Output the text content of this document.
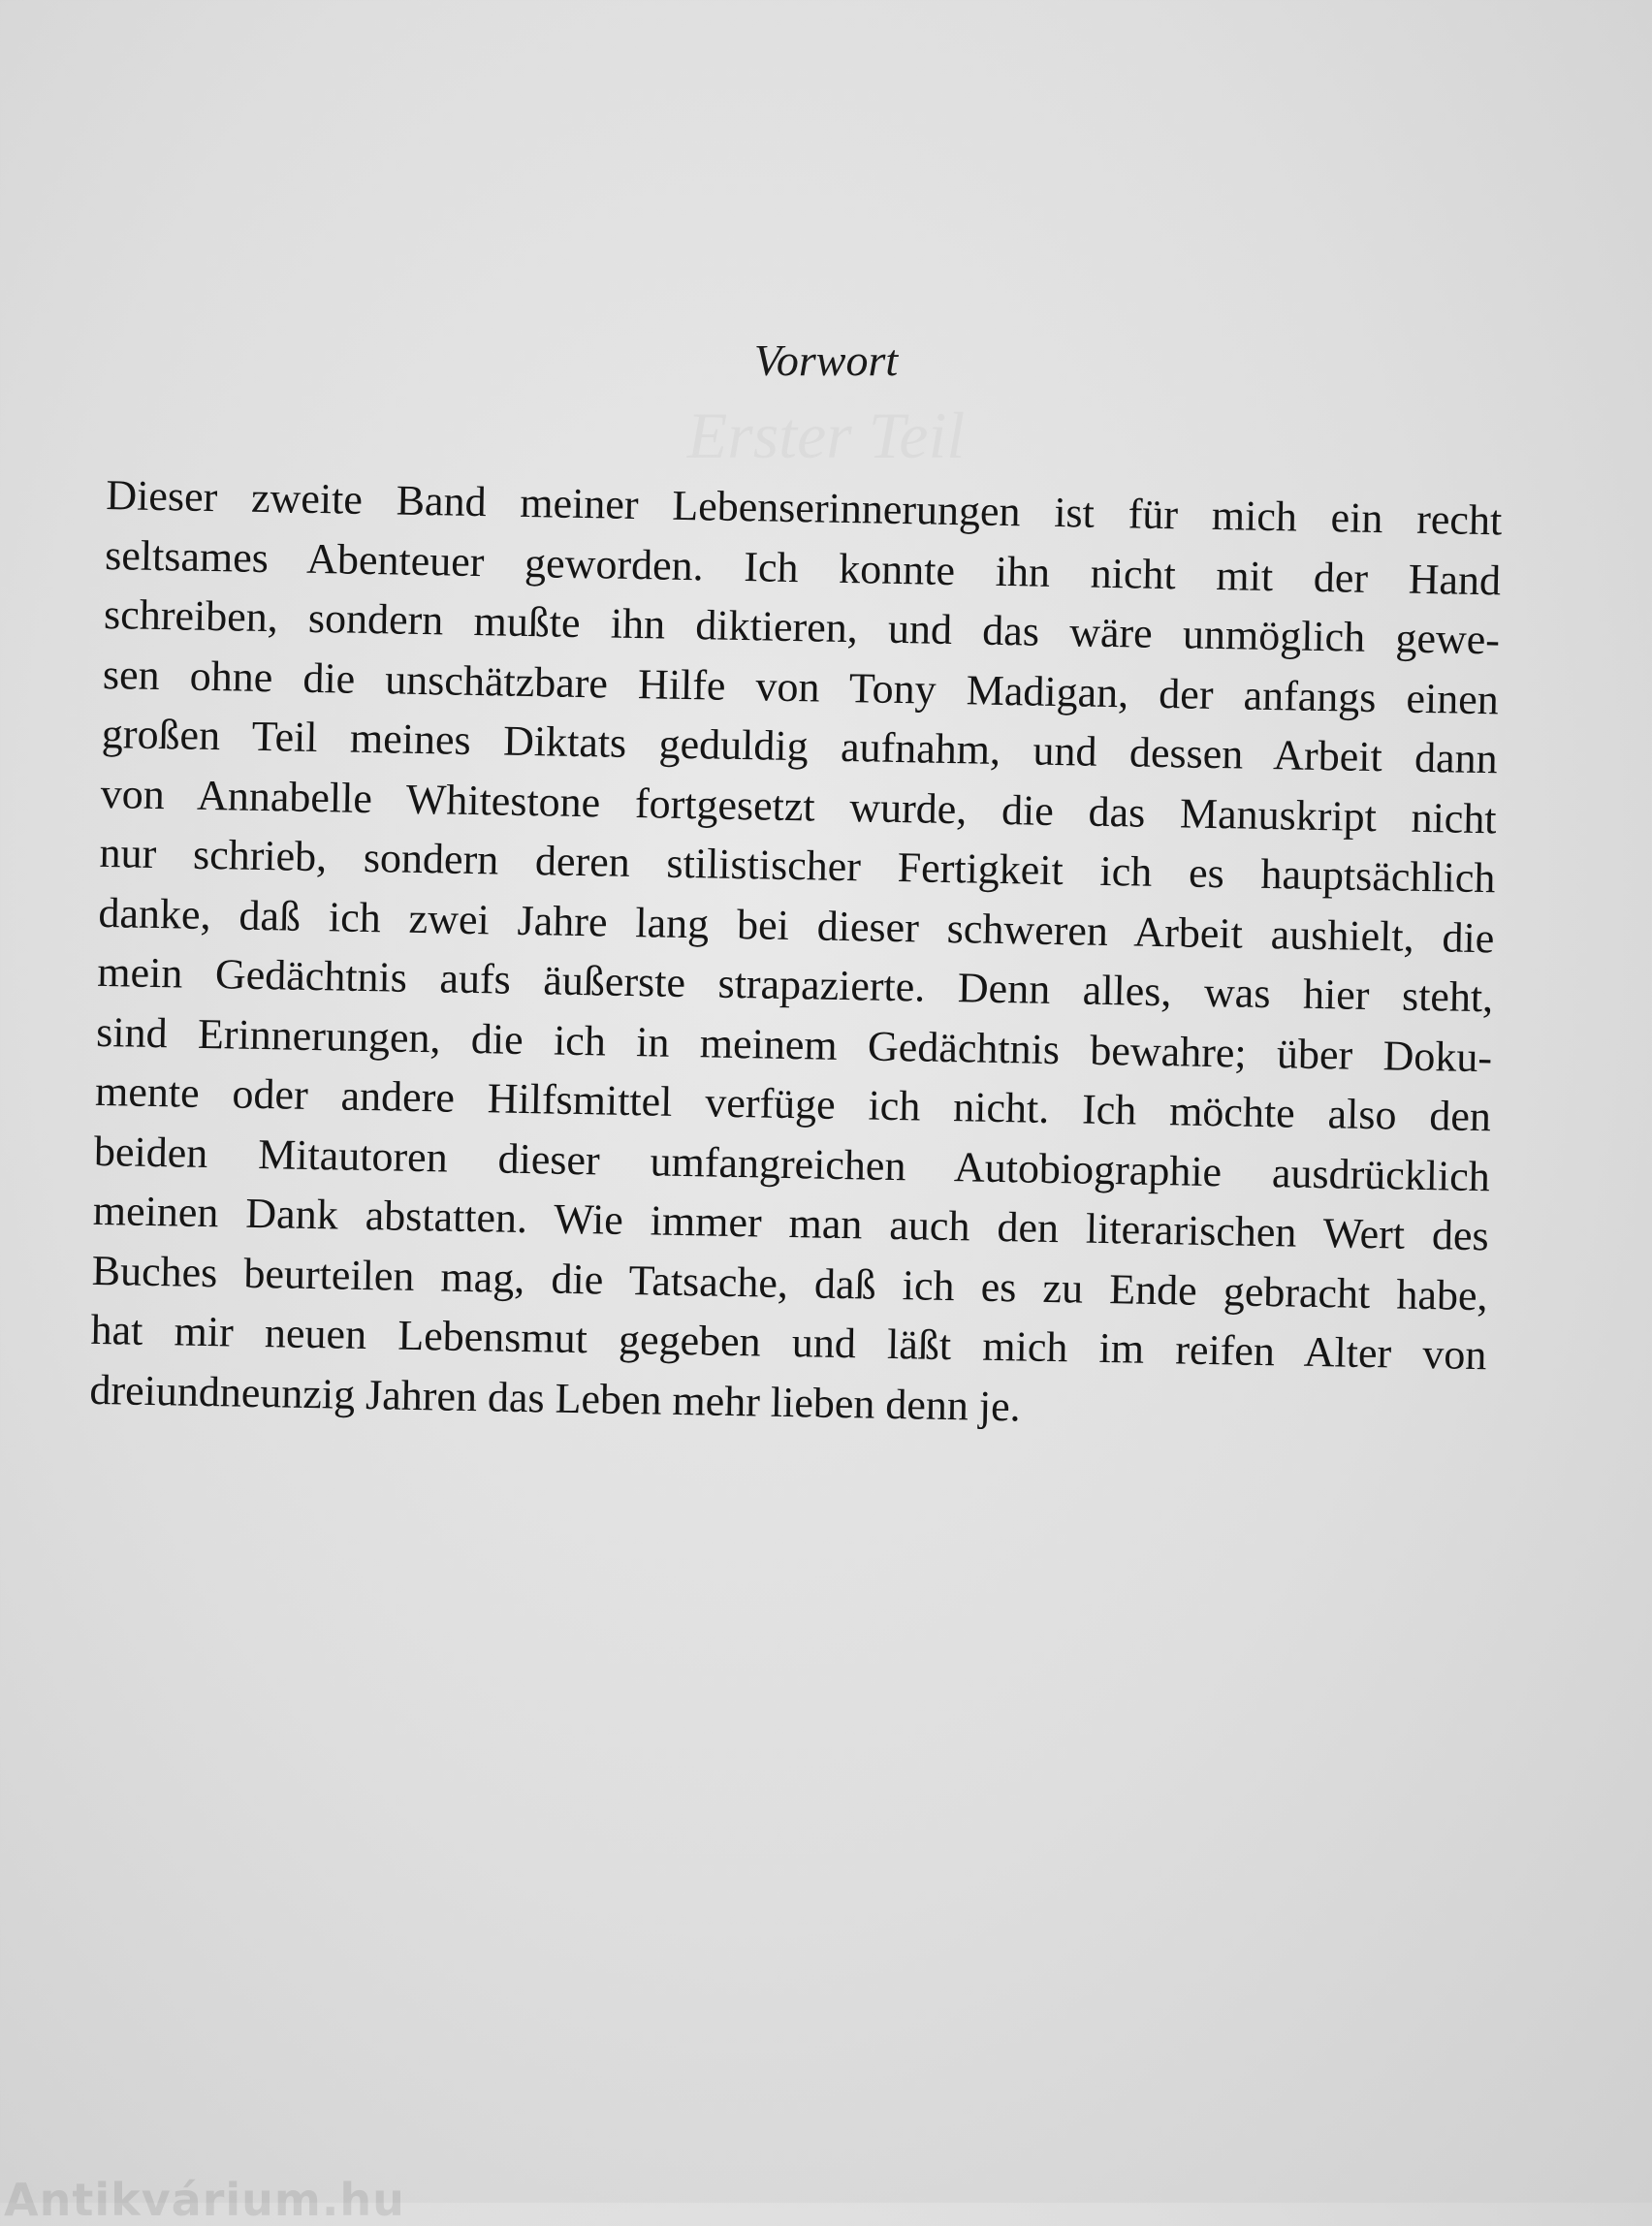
Vorwort
Dieser zweite Band meiner Lebenserinnerungen ist für mich ein recht
seltsames Abenteuer geworden. Ich konnte ihn nicht mit der Hand
schreiben, sondern mußte ihn diktieren, und das wäre unmöglich gewe-
sen ohne die unschätzbare Hilfe von Tony Madigan, der anfangs einen
großen Teil meines Diktats geduldig aufnahm, und dessen Arbeit dann
von Annabelle Whitestone fortgesetzt wurde, die das Manuskript nicht
nur schrieb, sondern deren stilistischer Fertigkeit ich es hauptsächlich
danke, daß ich zwei Jahre lang bei dieser schweren Arbeit aushielt, die
mein Gedächtnis aufs äußerste strapazierte. Denn alles, was hier steht,
sind Erinnerungen, die ich in meinem Gedächtnis bewahre; über Doku-
mente oder andere Hilfsmittel verfüge ich nicht. Ich möchte also den
beiden Mitautoren dieser umfangreichen Autobiographie ausdrücklich
meinen Dank abstatten. Wie immer man auch den literarischen Wert des
Buches beurteilen mag, die Tatsache, daß ich es zu Ende gebracht habe,
hat mir neuen Lebensmut gegeben und läßt mich im reifen Alter von
dreiundneunzig Jahren das Leben mehr lieben denn je.
Antikvárium.hu
